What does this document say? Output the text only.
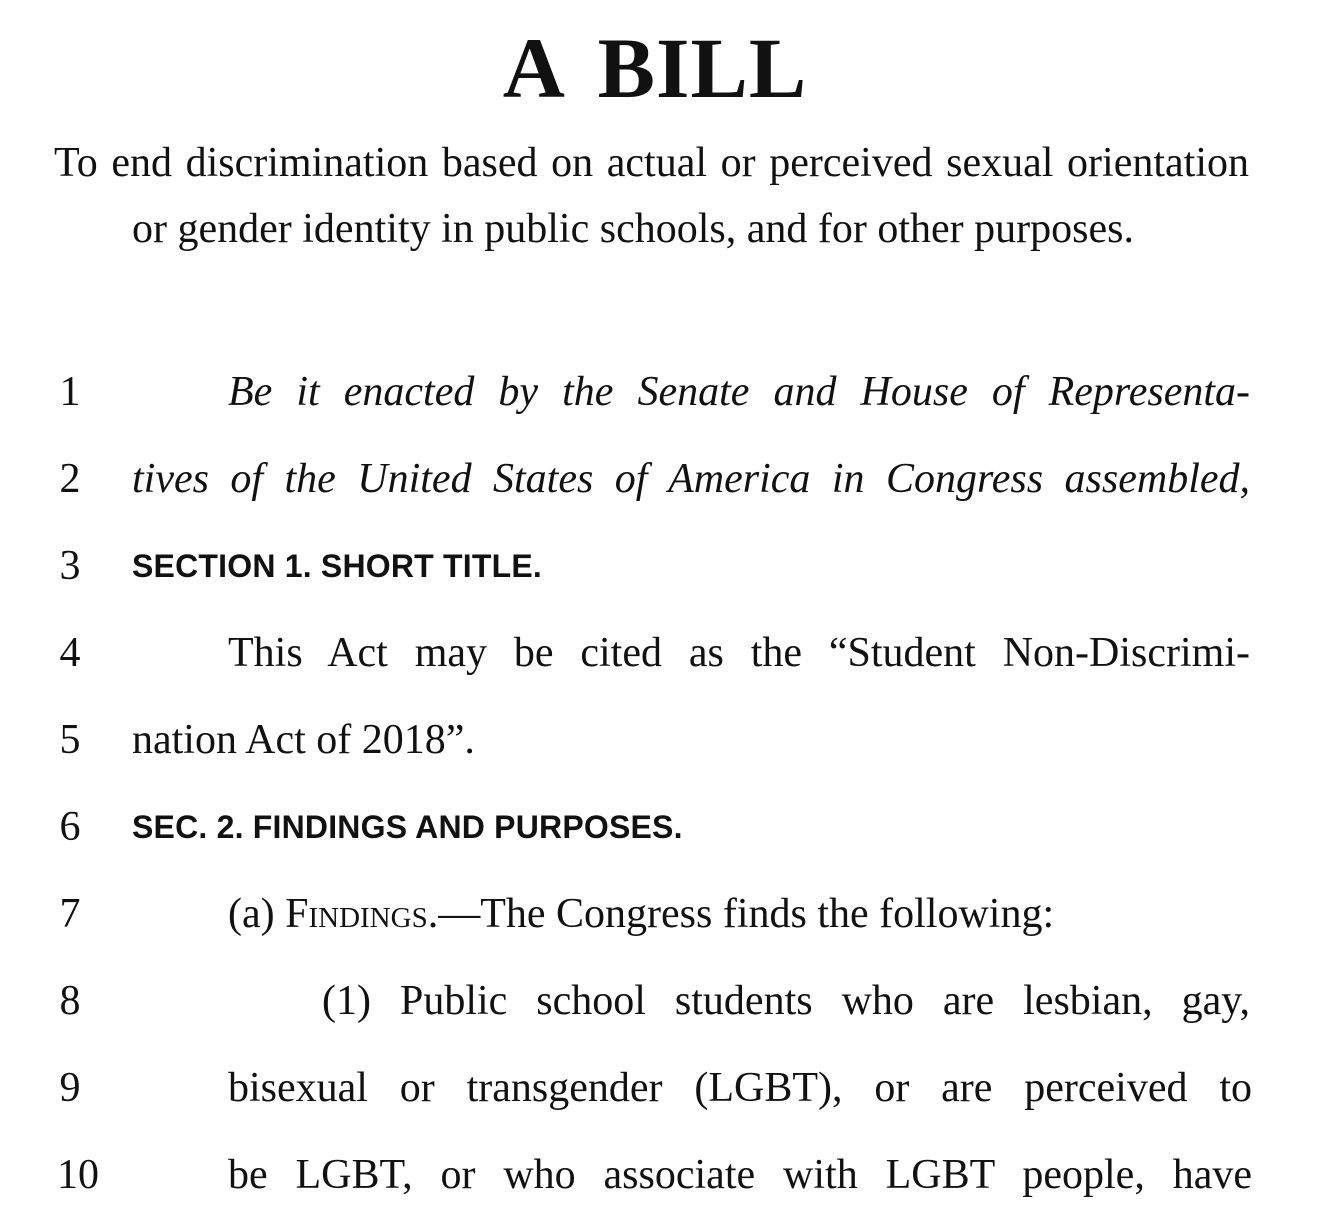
A BILL
To end discrimination based on actual or perceived sexual orientation or gender identity in public schools, and for other purposes.
1	Be it enacted by the Senate and House of Representa-
2	tives of the United States of America in Congress assembled,
3	SECTION 1. SHORT TITLE.
4	This Act may be cited as the “Student Non-Discrimi-
5	nation Act of 2018”.
6	SEC. 2. FINDINGS AND PURPOSES.
7	(a) Findings.—The Congress finds the following:
8	(1) Public school students who are lesbian, gay,
9	bisexual or transgender (LGBT), or are perceived to
10	be LGBT, or who associate with LGBT people, have
